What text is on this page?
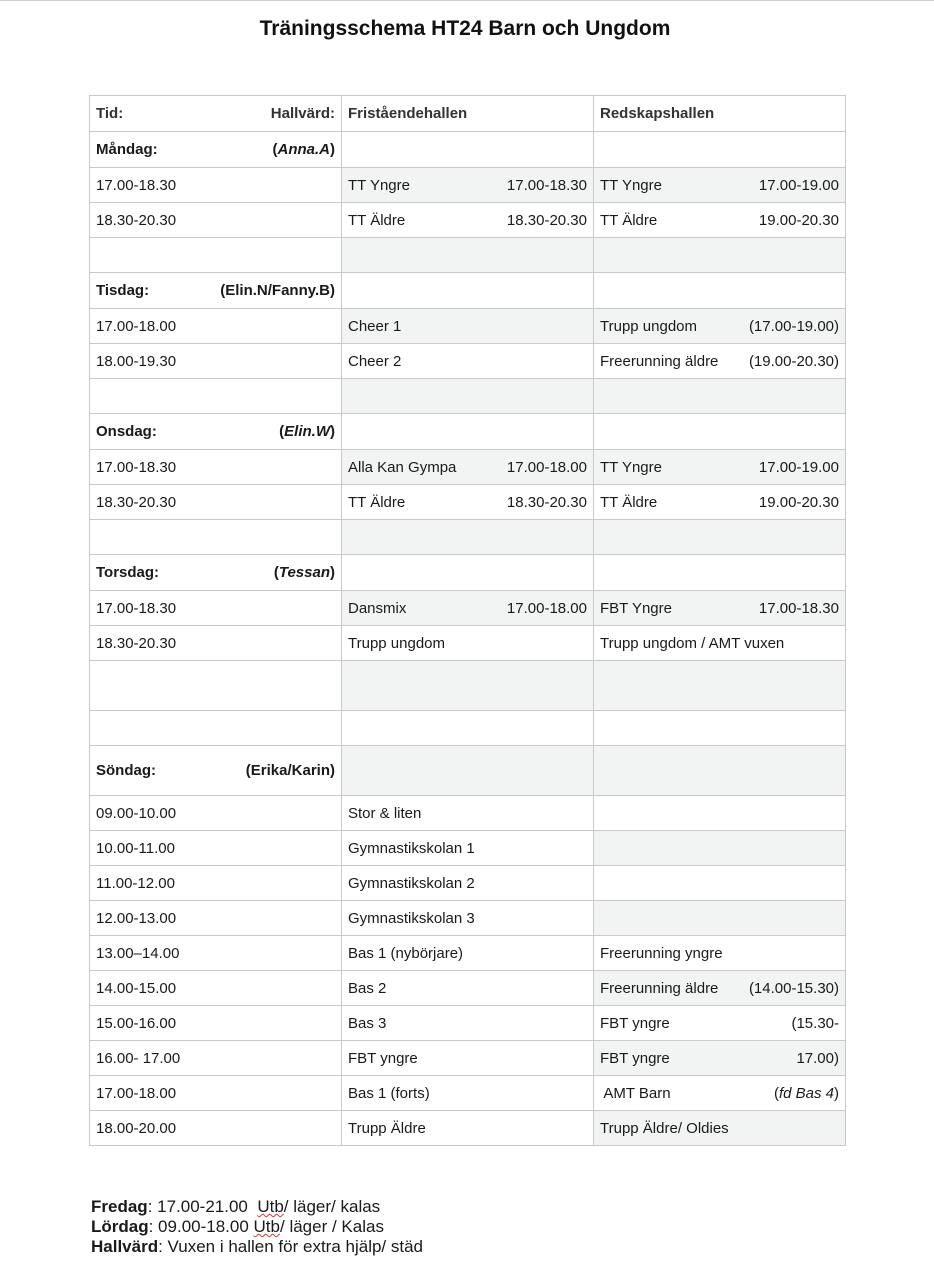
Träningsschema HT24 Barn och Ungdom
Tid: Hallvärd:	Friståendehallen	Redskapshallen

Måndag: (Anna.A)		

17.00-18.30	TT Yngre 17.00-18.30	TT Yngre 17.00-19.00

18.30-20.30	TT Äldre 18.30-20.30	TT Äldre 19.00-20.30

Tisdag: (Elin.N/Fanny.B)		

17.00-18.00	Cheer 1	Trupp ungdom (17.00-19.00)

18.00-19.30	Cheer 2	Freerunning äldre (19.00-20.30)

Onsdag: (Elin.W)		

17.00-18.30	Alla Kan Gympa 17.00-18.00	TT Yngre 17.00-19.00

18.30-20.30	TT Äldre 18.30-20.30	TT Äldre 19.00-20.30

Torsdag: (Tessan)		

17.00-18.30	Dansmix 17.00-18.00	FBT Yngre 17.00-18.30

18.30-20.30	Trupp ungdom	Trupp ungdom / AMT vuxen

Söndag: (Erika/Karin)		

09.00-10.00	Stor & liten	
10.00-11.00	Gymnastikskolan 1	
11.00-12.00	Gymnastikskolan 2	
12.00-13.00	Gymnastikskolan 3	
13.00–14.00	Bas 1 (nybörjare)	Freerunning yngre
14.00-15.00	Bas 2	Freerunning äldre (14.00-15.30)

15.00-16.00	Bas 3	FBT yngre (15.30-

16.00- 17.00	FBT yngre	FBT yngre 17.00)

17.00-18.00	Bas 1 (forts)	AMT Barn (fd Bas 4)

18.00-20.00	Trupp Äldre	Trupp Äldre/ Oldies
Fredag: 17.00-21.00  Utb/ läger/ kalas
Lördag: 09.00-18.00 Utb/ läger / Kalas
Hallvärd: Vuxen i hallen för extra hjälp/ städ
